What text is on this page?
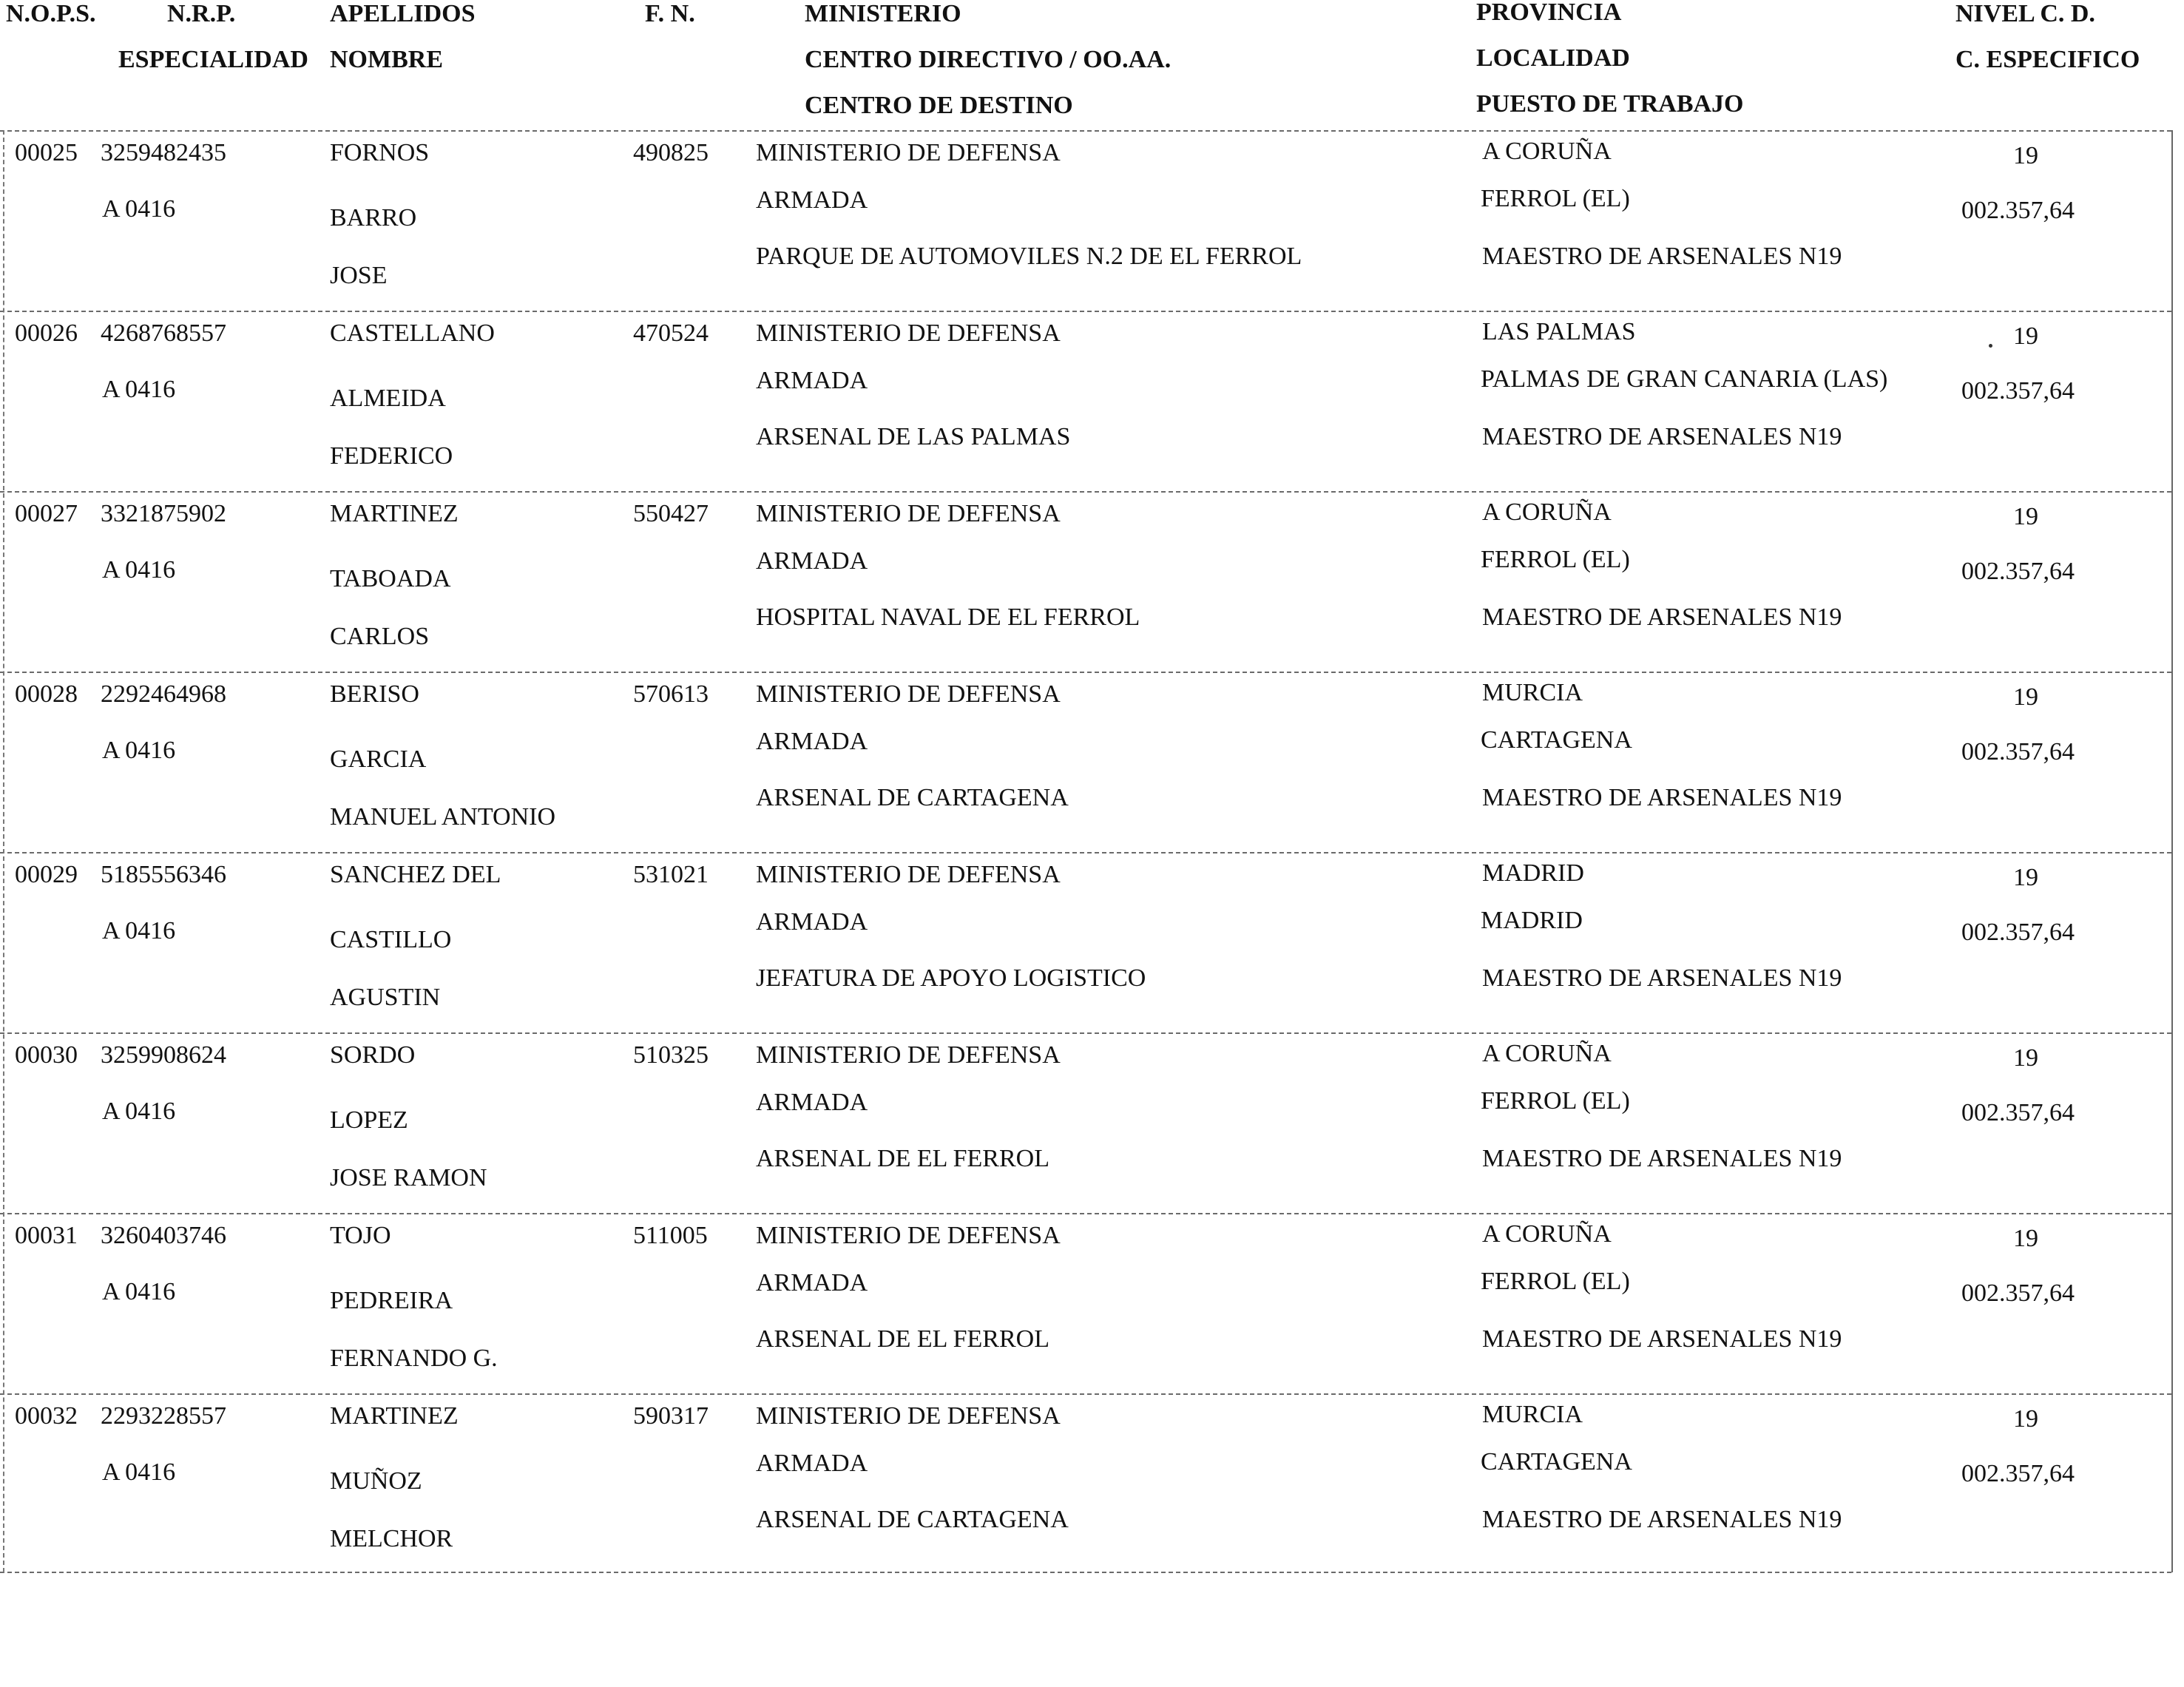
N.O.P.S.	N.R.P.
ESPECIALIDAD
APELLIDOS
NOMBRE
F. N.	MINISTERIO
CENTRO DIRECTIVO / OO.AA.
CENTRO DE DESTINO
PROVINCIA
LOCALIDAD
PUESTO DE TRABAJO
NIVEL C. D.
C. ESPECIFICO
00025 3259482435
A 0416
FORNOS
BARRO
JOSE
490825 MINISTERIO DE DEFENSA
ARMADA
PARQUE DE AUTOMOVILES N.2 DE EL FERROL
A CORUÑA
FERROL (EL)
MAESTRO DE ARSENALES N19
19
002.357,64
00026 4268768557
A 0416
CASTELLANO
ALMEIDA
FEDERICO
470524 MINISTERIO DE DEFENSA
ARMADA
ARSENAL DE LAS PALMAS
LAS PALMAS
PALMAS DE GRAN CANARIA (LAS)
MAESTRO DE ARSENALES N19
19
002.357,64
00027 3321875902
A 0416
MARTINEZ
TABOADA
CARLOS
550427 MINISTERIO DE DEFENSA
ARMADA
HOSPITAL NAVAL DE EL FERROL
A CORUÑA
FERROL (EL)
MAESTRO DE ARSENALES N19
19
002.357,64
00028 2292464968
A 0416
BERISO
GARCIA
MANUEL ANTONIO
570613 MINISTERIO DE DEFENSA
ARMADA
ARSENAL DE CARTAGENA
MURCIA
CARTAGENA
MAESTRO DE ARSENALES N19
19
002.357,64
00029 5185556346
A 0416
SANCHEZ DEL
CASTILLO
AGUSTIN
531021 MINISTERIO DE DEFENSA
ARMADA
JEFATURA DE APOYO LOGISTICO
MADRID
MADRID
MAESTRO DE ARSENALES N19
19
002.357,64
00030 3259908624
A 0416
SORDO
LOPEZ
JOSE RAMON
510325 MINISTERIO DE DEFENSA
ARMADA
ARSENAL DE EL FERROL
A CORUÑA
FERROL (EL)
MAESTRO DE ARSENALES N19
19
002.357,64
00031 3260403746
A 0416
TOJO
PEDREIRA
FERNANDO G.
511005 MINISTERIO DE DEFENSA
ARMADA
ARSENAL DE EL FERROL
A CORUÑA
FERROL (EL)
MAESTRO DE ARSENALES N19
19
002.357,64
00032 2293228557
A 0416
MARTINEZ
MUÑOZ
MELCHOR
590317 MINISTERIO DE DEFENSA
ARMADA
ARSENAL DE CARTAGENA
MURCIA
CARTAGENA
MAESTRO DE ARSENALES N19
19
002.357,64
